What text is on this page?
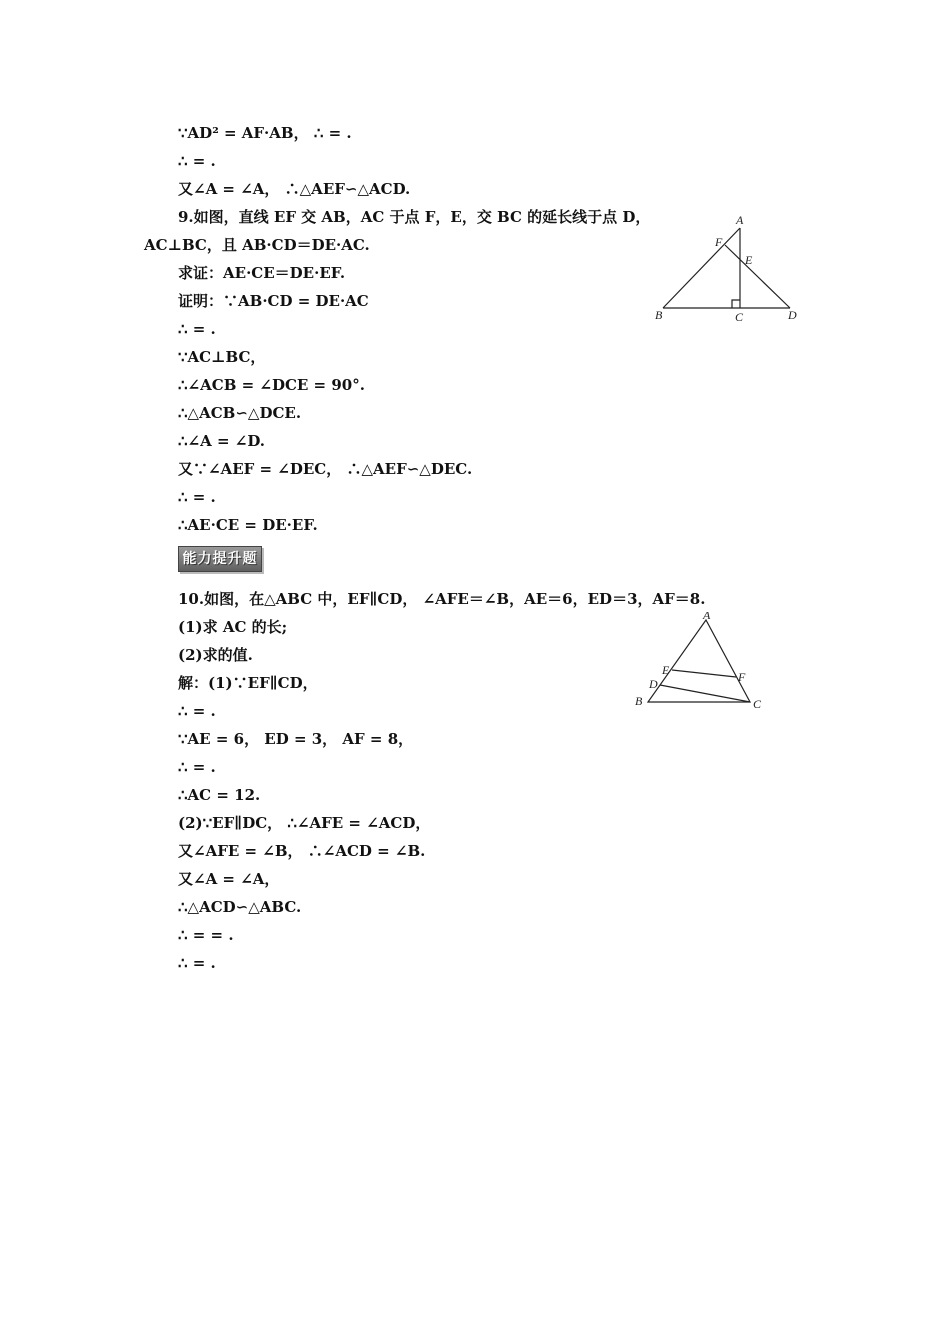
∵AD² = AF·AB， ∴ = .
∴ = .
又∠A = ∠A， ∴△AEF∽△ACD.
9.如图，直线 EF 交 AB，AC 于点 F，E，交 BC 的延长线于点 D，
AC⊥BC，且 AB·CD＝DE·AC.
求证：AE·CE＝DE·EF.
证明：∵AB·CD = DE·AC
∴ = .
∵AC⊥BC，
∴∠ACB = ∠DCE = 90°.
∴△ACB∽△DCE.
∴∠A = ∠D.
又∵∠AEF = ∠DEC， ∴△AEF∽△DEC.
∴ = .
∴AE·CE = DE·EF.
能力提升题
10.如图，在△ABC 中，EF∥CD， ∠AFE＝∠B，AE＝6，ED＝3，AF＝8.
(1)求 AC 的长;
(2)求的值.
解：(1)∵EF∥CD，
∴ = .
∵AE = 6， ED = 3， AF = 8，
∴ = .
∴AC = 12.
(2)∵EF∥DC， ∴∠AFE = ∠ACD，
又∠AFE = ∠B， ∴∠ACD = ∠B.
又∠A = ∠A，
∴△ACD∽△ABC.
∴ = = .
∴ = .
A
F
E
B	C	D
A
E	F
D
B	C
